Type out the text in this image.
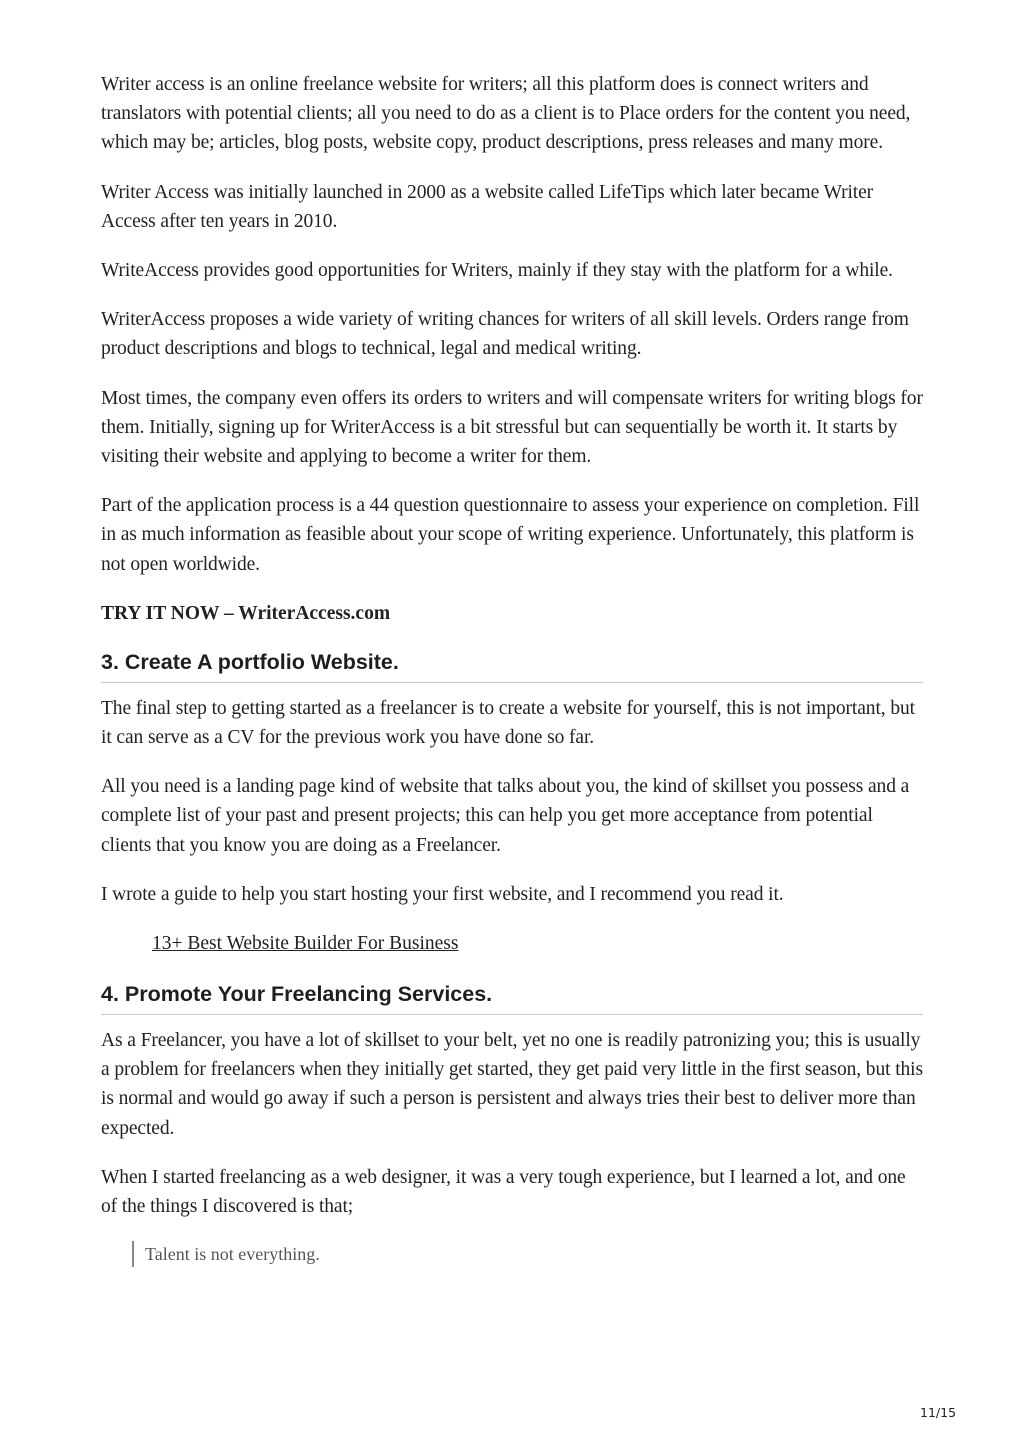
Writer access is an online freelance website for writers; all this platform does is connect writers and translators with potential clients; all you need to do as a client is to Place orders for the content you need, which may be; articles, blog posts, website copy, product descriptions, press releases and many more.

Writer Access was initially launched in 2000 as a website called LifeTips which later became Writer Access after ten years in 2010.

WriteAccess provides good opportunities for Writers, mainly if they stay with the platform for a while.

WriterAccess proposes a wide variety of writing chances for writers of all skill levels. Orders range from product descriptions and blogs to technical, legal and medical writing.

Most times, the company even offers its orders to writers and will compensate writers for writing blogs for them. Initially, signing up for WriterAccess is a bit stressful but can sequentially be worth it. It starts by visiting their website and applying to become a writer for them.

Part of the application process is a 44 question questionnaire to assess your experience on completion. Fill in as much information as feasible about your scope of writing experience. Unfortunately, this platform is not open worldwide.

TRY IT NOW – WriterAccess.com

3. Create A portfolio Website.

The final step to getting started as a freelancer is to create a website for yourself, this is not important, but it can serve as a CV for the previous work you have done so far.

All you need is a landing page kind of website that talks about you, the kind of skillset you possess and a complete list of your past and present projects; this can help you get more acceptance from potential clients that you know you are doing as a Freelancer.

I wrote a guide to help you start hosting your first website, and I recommend you read it.

13+ Best Website Builder For Business
4. Promote Your Freelancing Services.

As a Freelancer, you have a lot of skillset to your belt, yet no one is readily patronizing you; this is usually a problem for freelancers when they initially get started, they get paid very little in the first season, but this is normal and would go away if such a person is persistent and always tries their best to deliver more than expected.

When I started freelancing as a web designer, it was a very tough experience, but I learned a lot, and one of the things I discovered is that;

Talent is not everything.
11/15
